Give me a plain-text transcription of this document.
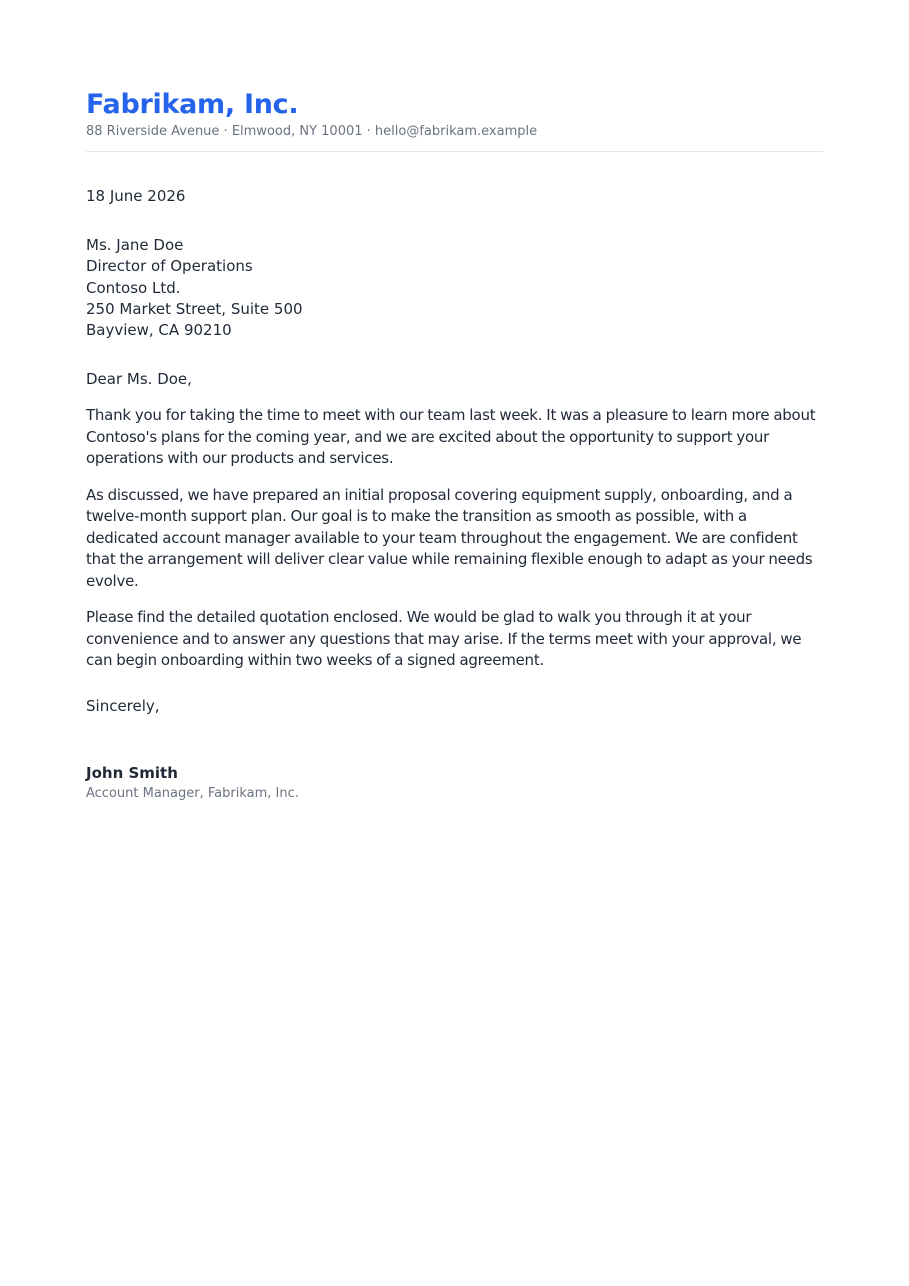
Fabrikam, Inc.
88 Riverside Avenue · Elmwood, NY 10001 · hello@fabrikam.example
18 June 2026
Ms. Jane Doe
Director of Operations
Contoso Ltd.
250 Market Street, Suite 500
Bayview, CA 90210
Dear Ms. Doe,

Thank you for taking the time to meet with our team last week. It was a pleasure to learn more about Contoso's plans for the coming year, and we are excited about the opportunity to support your operations with our products and services.

As discussed, we have prepared an initial proposal covering equipment supply, onboarding, and a twelve-month support plan. Our goal is to make the transition as smooth as possible, with a dedicated account manager available to your team throughout the engagement. We are confident that the arrangement will deliver clear value while remaining flexible enough to adapt as your needs evolve.

Please find the detailed quotation enclosed. We would be glad to walk you through it at your convenience and to answer any questions that may arise. If the terms meet with your approval, we can begin onboarding within two weeks of a signed agreement.

Sincerely,
John Smith
Account Manager, Fabrikam, Inc.
